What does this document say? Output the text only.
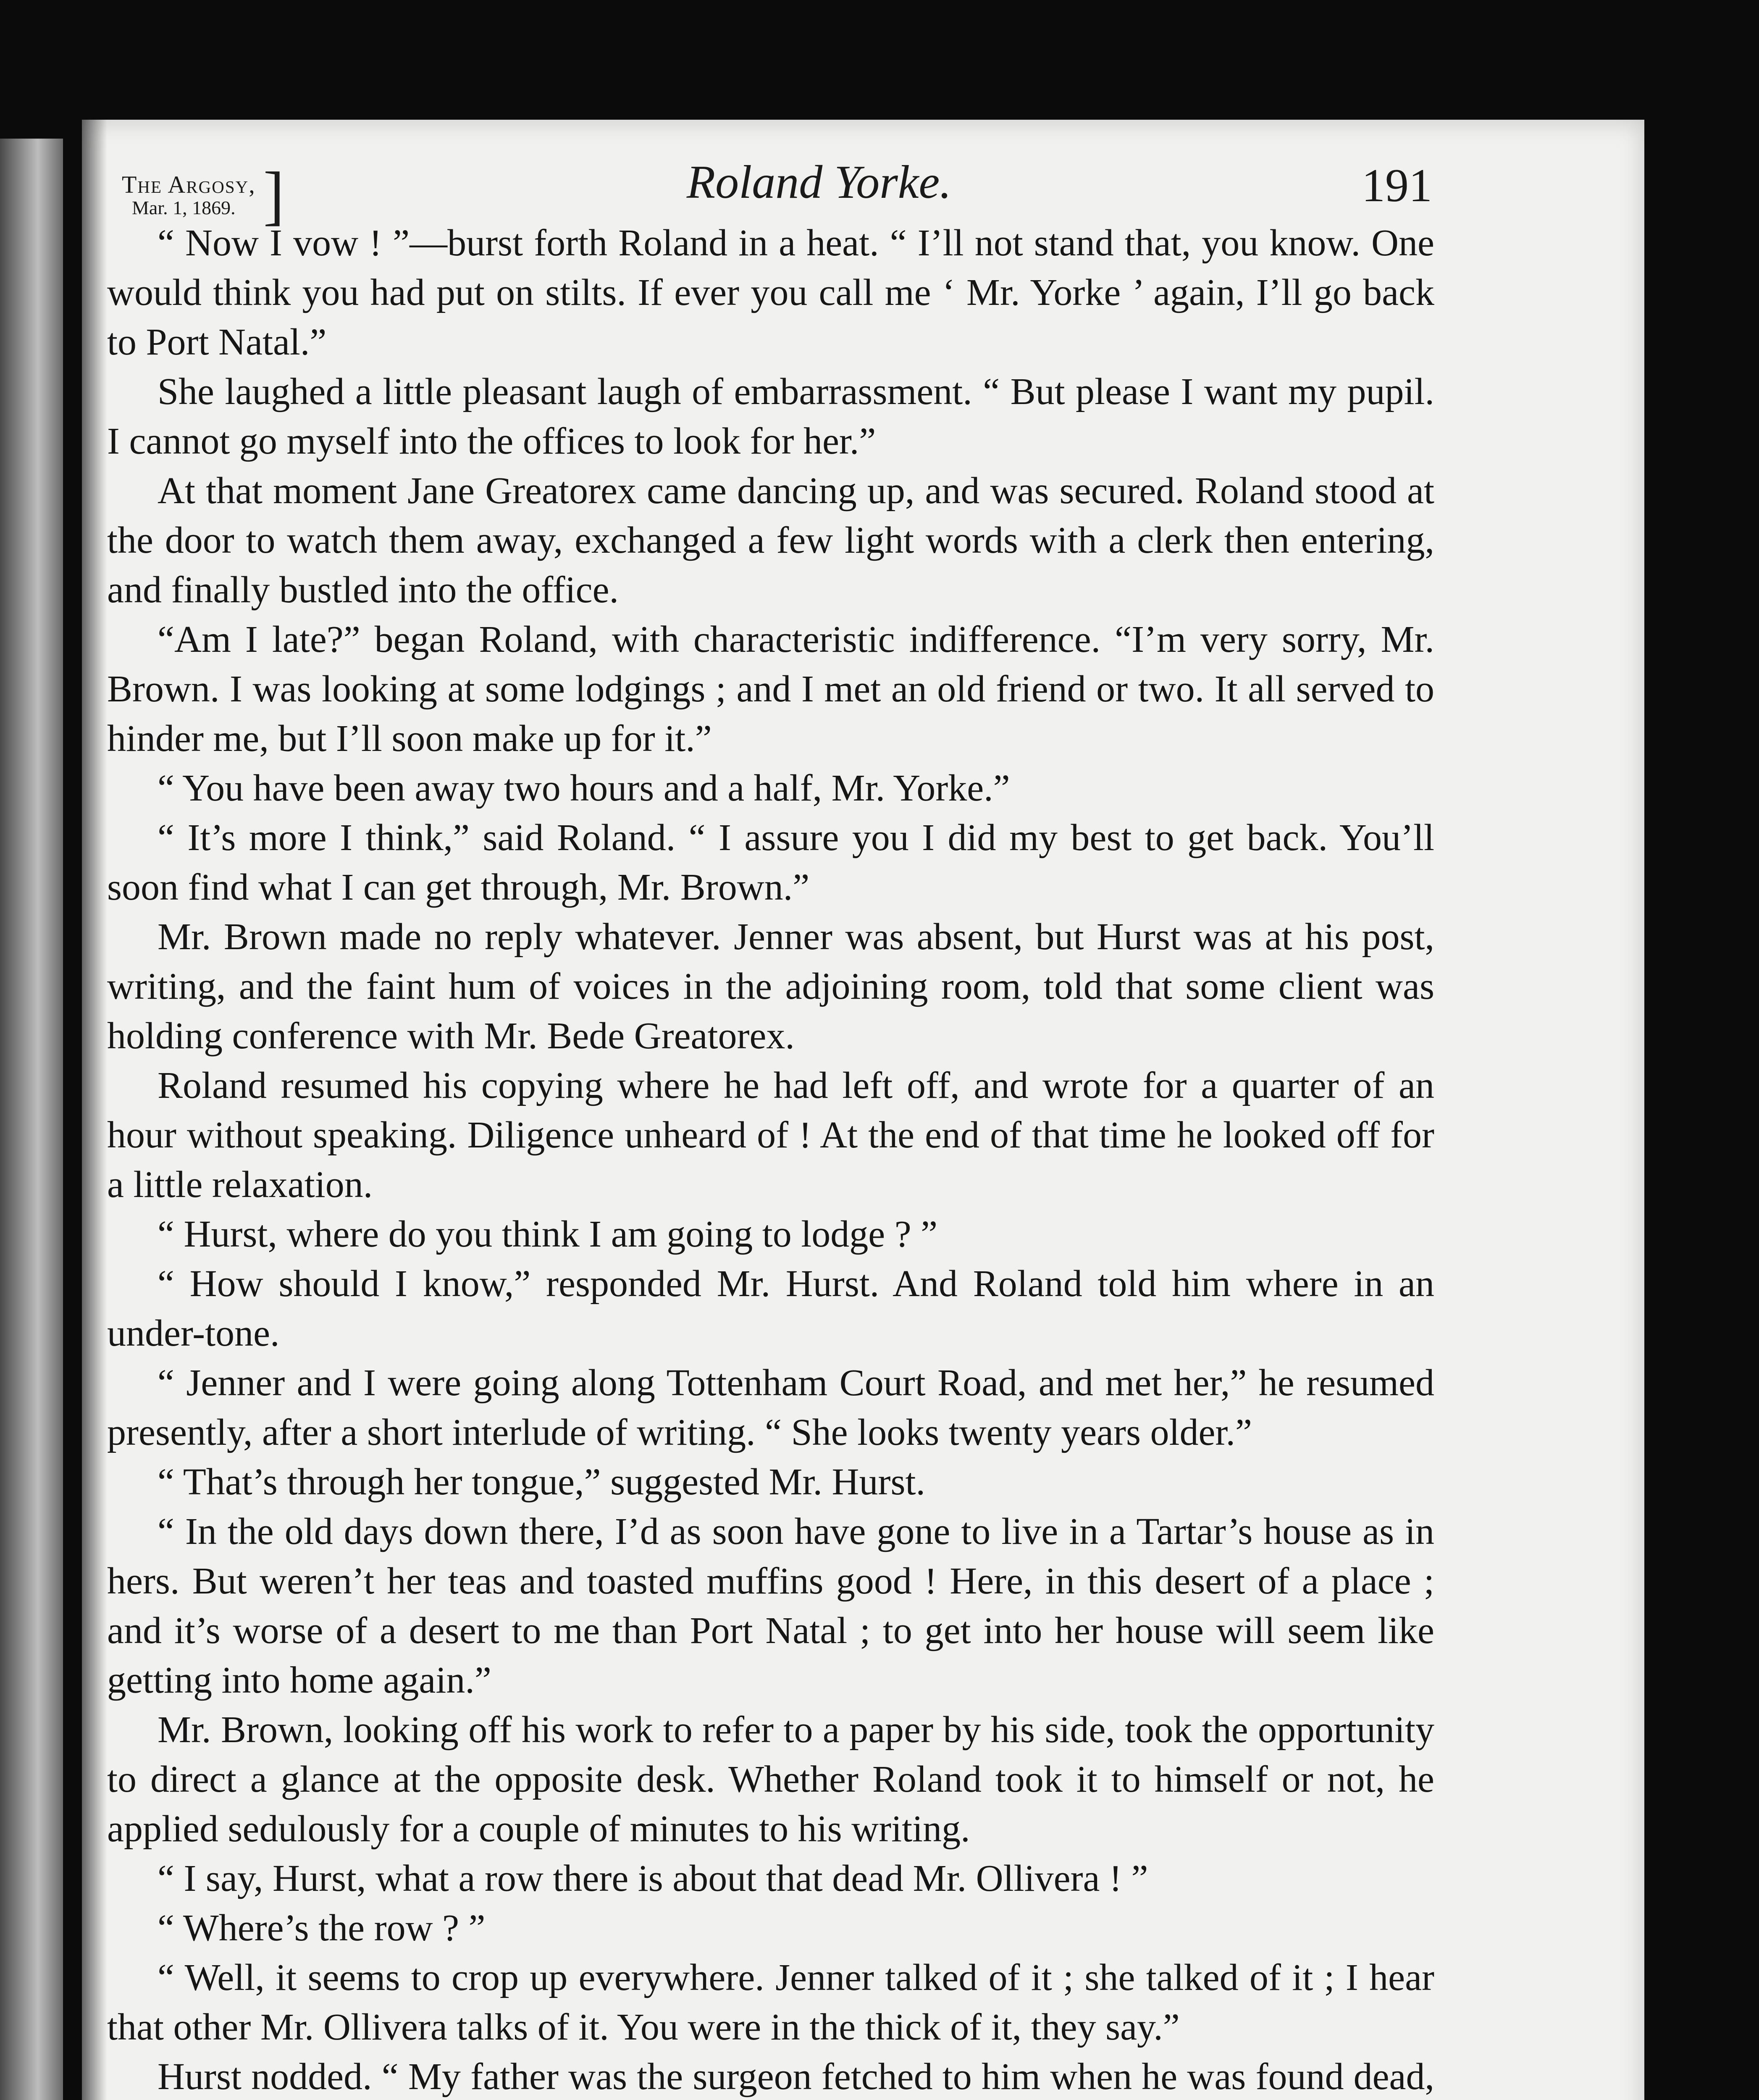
The Argosy,
Mar. 1, 1869. ]	Roland Yorke.	191

“ Now I vow ! ”—burst forth Roland in a heat. “ I’ll not stand that, you know. One would think you had put on stilts. If ever you call me ‘ Mr. Yorke ’ again, I’ll go back to Port Natal.”

She laughed a little pleasant laugh of embarrassment. “ But please I want my pupil. I cannot go myself into the offices to look for her.”

At that moment Jane Greatorex came dancing up, and was secured. Roland stood at the door to watch them away, exchanged a few light words with a clerk then entering, and finally bustled into the office.

“Am I late?” began Roland, with characteristic indifference. “I’m very sorry, Mr. Brown. I was looking at some lodgings ; and I met an old friend or two. It all served to hinder me, but I’ll soon make up for it.”

“ You have been away two hours and a half, Mr. Yorke.”

“ It’s more I think,” said Roland. “ I assure you I did my best to get back. You’ll soon find what I can get through, Mr. Brown.”

Mr. Brown made no reply whatever. Jenner was absent, but Hurst was at his post, writing, and the faint hum of voices in the adjoining room, told that some client was holding conference with Mr. Bede Greatorex.

Roland resumed his copying where he had left off, and wrote for a quarter of an hour without speaking. Diligence unheard of ! At the end of that time he looked off for a little relaxation.

“ Hurst, where do you think I am going to lodge ? ”

“ How should I know,” responded Mr. Hurst. And Roland told him where in an under-tone.

“ Jenner and I were going along Tottenham Court Road, and met her,” he resumed presently, after a short interlude of writing. “ She looks twenty years older.”

“ That’s through her tongue,” suggested Mr. Hurst.

“ In the old days down there, I’d as soon have gone to live in a Tartar’s house as in hers. But weren’t her teas and toasted muffins good ! Here, in this desert of a place ; and it’s worse of a desert to me than Port Natal ; to get into her house will seem like getting into home again.”

Mr. Brown, looking off his work to refer to a paper by his side, took the opportunity to direct a glance at the opposite desk. Whether Roland took it to himself or not, he applied sedulously for a couple of minutes to his writing.

“ I say, Hurst, what a row there is about that dead Mr. Ollivera ! ”

“ Where’s the row ? ”

“ Well, it seems to crop up everywhere. Jenner talked of it ; she talked of it ; I hear that other Mr. Ollivera talks of it. You were in the thick of it, they say.”

Hurst nodded. “ My father was the surgeon fetched to him when he was found dead,
